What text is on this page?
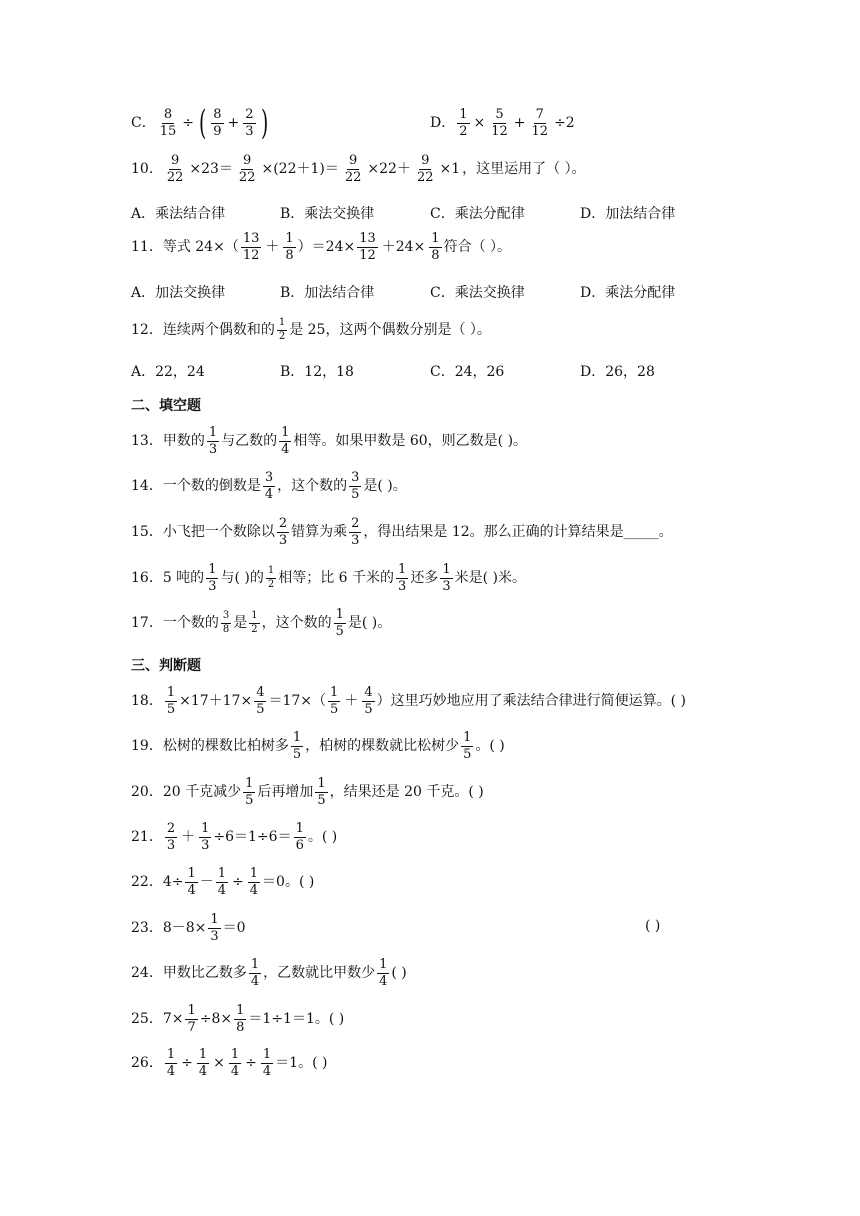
C． $\frac{8}{15}$ ÷ ( $\frac{8}{9} + \frac{2}{3}$ )	D． $\frac{1}{2} \times \frac{5}{12} + \frac{7}{12} \div 2$
10． $\frac{9}{22} \times 23= \frac{9}{22} \times(22+1)= \frac{9}{22} \times 22+ \frac{9}{22} \times 1$ ，这里运用了（ ）。
A．乘法结合律	B．乘法交换律	C．乘法分配律	D．加法结合律
11． 等式 $24\times( \frac{13}{12} + \frac{1}{8} )=24\times \frac{13}{12} +24\times \frac{1}{8}$ 符合（ ）。
A．加法交换律	B．加法结合律	C．乘法交换律	D．乘法分配律
12． 连续两个偶数和的 $\frac{1}{2}$ 是 25，这两个偶数分别是（ ）。
A．22，24	B．12，18	C．24，26	D．26，28
二、填空题
13． 甲数的 $\frac{1}{3}$ 与乙数的 $\frac{1}{4}$ 相等。如果甲数是 60，则乙数是( )。
14． 一个数的倒数是 $\frac{3}{4}$ ，这个数的 $\frac{3}{5}$ 是( )。
15． 小飞把一个数除以 $\frac{2}{3}$ 错算为乘 $\frac{2}{3}$ ，得出结果是 12。那么正确的计算结果是_____。
16． 5 吨的 $\frac{1}{3}$ 与( )的 $\frac{1}{2}$ 相等；比 6 千米的 $\frac{1}{3}$ 还多 $\frac{1}{3}$ 米是( )米。
17． 一个数的 $\frac{3}{8}$ 是 $\frac{1}{2}$ ，这个数的 $\frac{1}{5}$ 是( )。
三、判断题
18． $\frac{1}{5} \times 17+17\times \frac{4}{5} =17\times( \frac{1}{5} + \frac{4}{5}$ ）这里巧妙地应用了乘法结合律进行简便运算。( )
19． 松树的棵数比柏树多 $\frac{1}{5}$ ，柏树的棵数就比松树少 $\frac{1}{5}$ 。( )
20． 20 千克减少 $\frac{1}{5}$ 后再增加 $\frac{1}{5}$ ，结果还是 20 千克。( )
21． $\frac{2}{3} + \frac{1}{3} \div 6=1\div 6= \frac{1}{6}$ 。( )
22． $4\div \frac{1}{4} - \frac{1}{4} \div \frac{1}{4} =0$。( )
23． $8-8\times \frac{1}{3} =0$	( )
24． 甲数比乙数多 $\frac{1}{4}$ ，乙数就比甲数少 $\frac{1}{4}$ ( )
25． $7\times \frac{1}{7} \div 8\times \frac{1}{8} =1\div 1=1$。( )
26． $\frac{1}{4} \div \frac{1}{4} \times \frac{1}{4} \div \frac{1}{4} =1$。( )
